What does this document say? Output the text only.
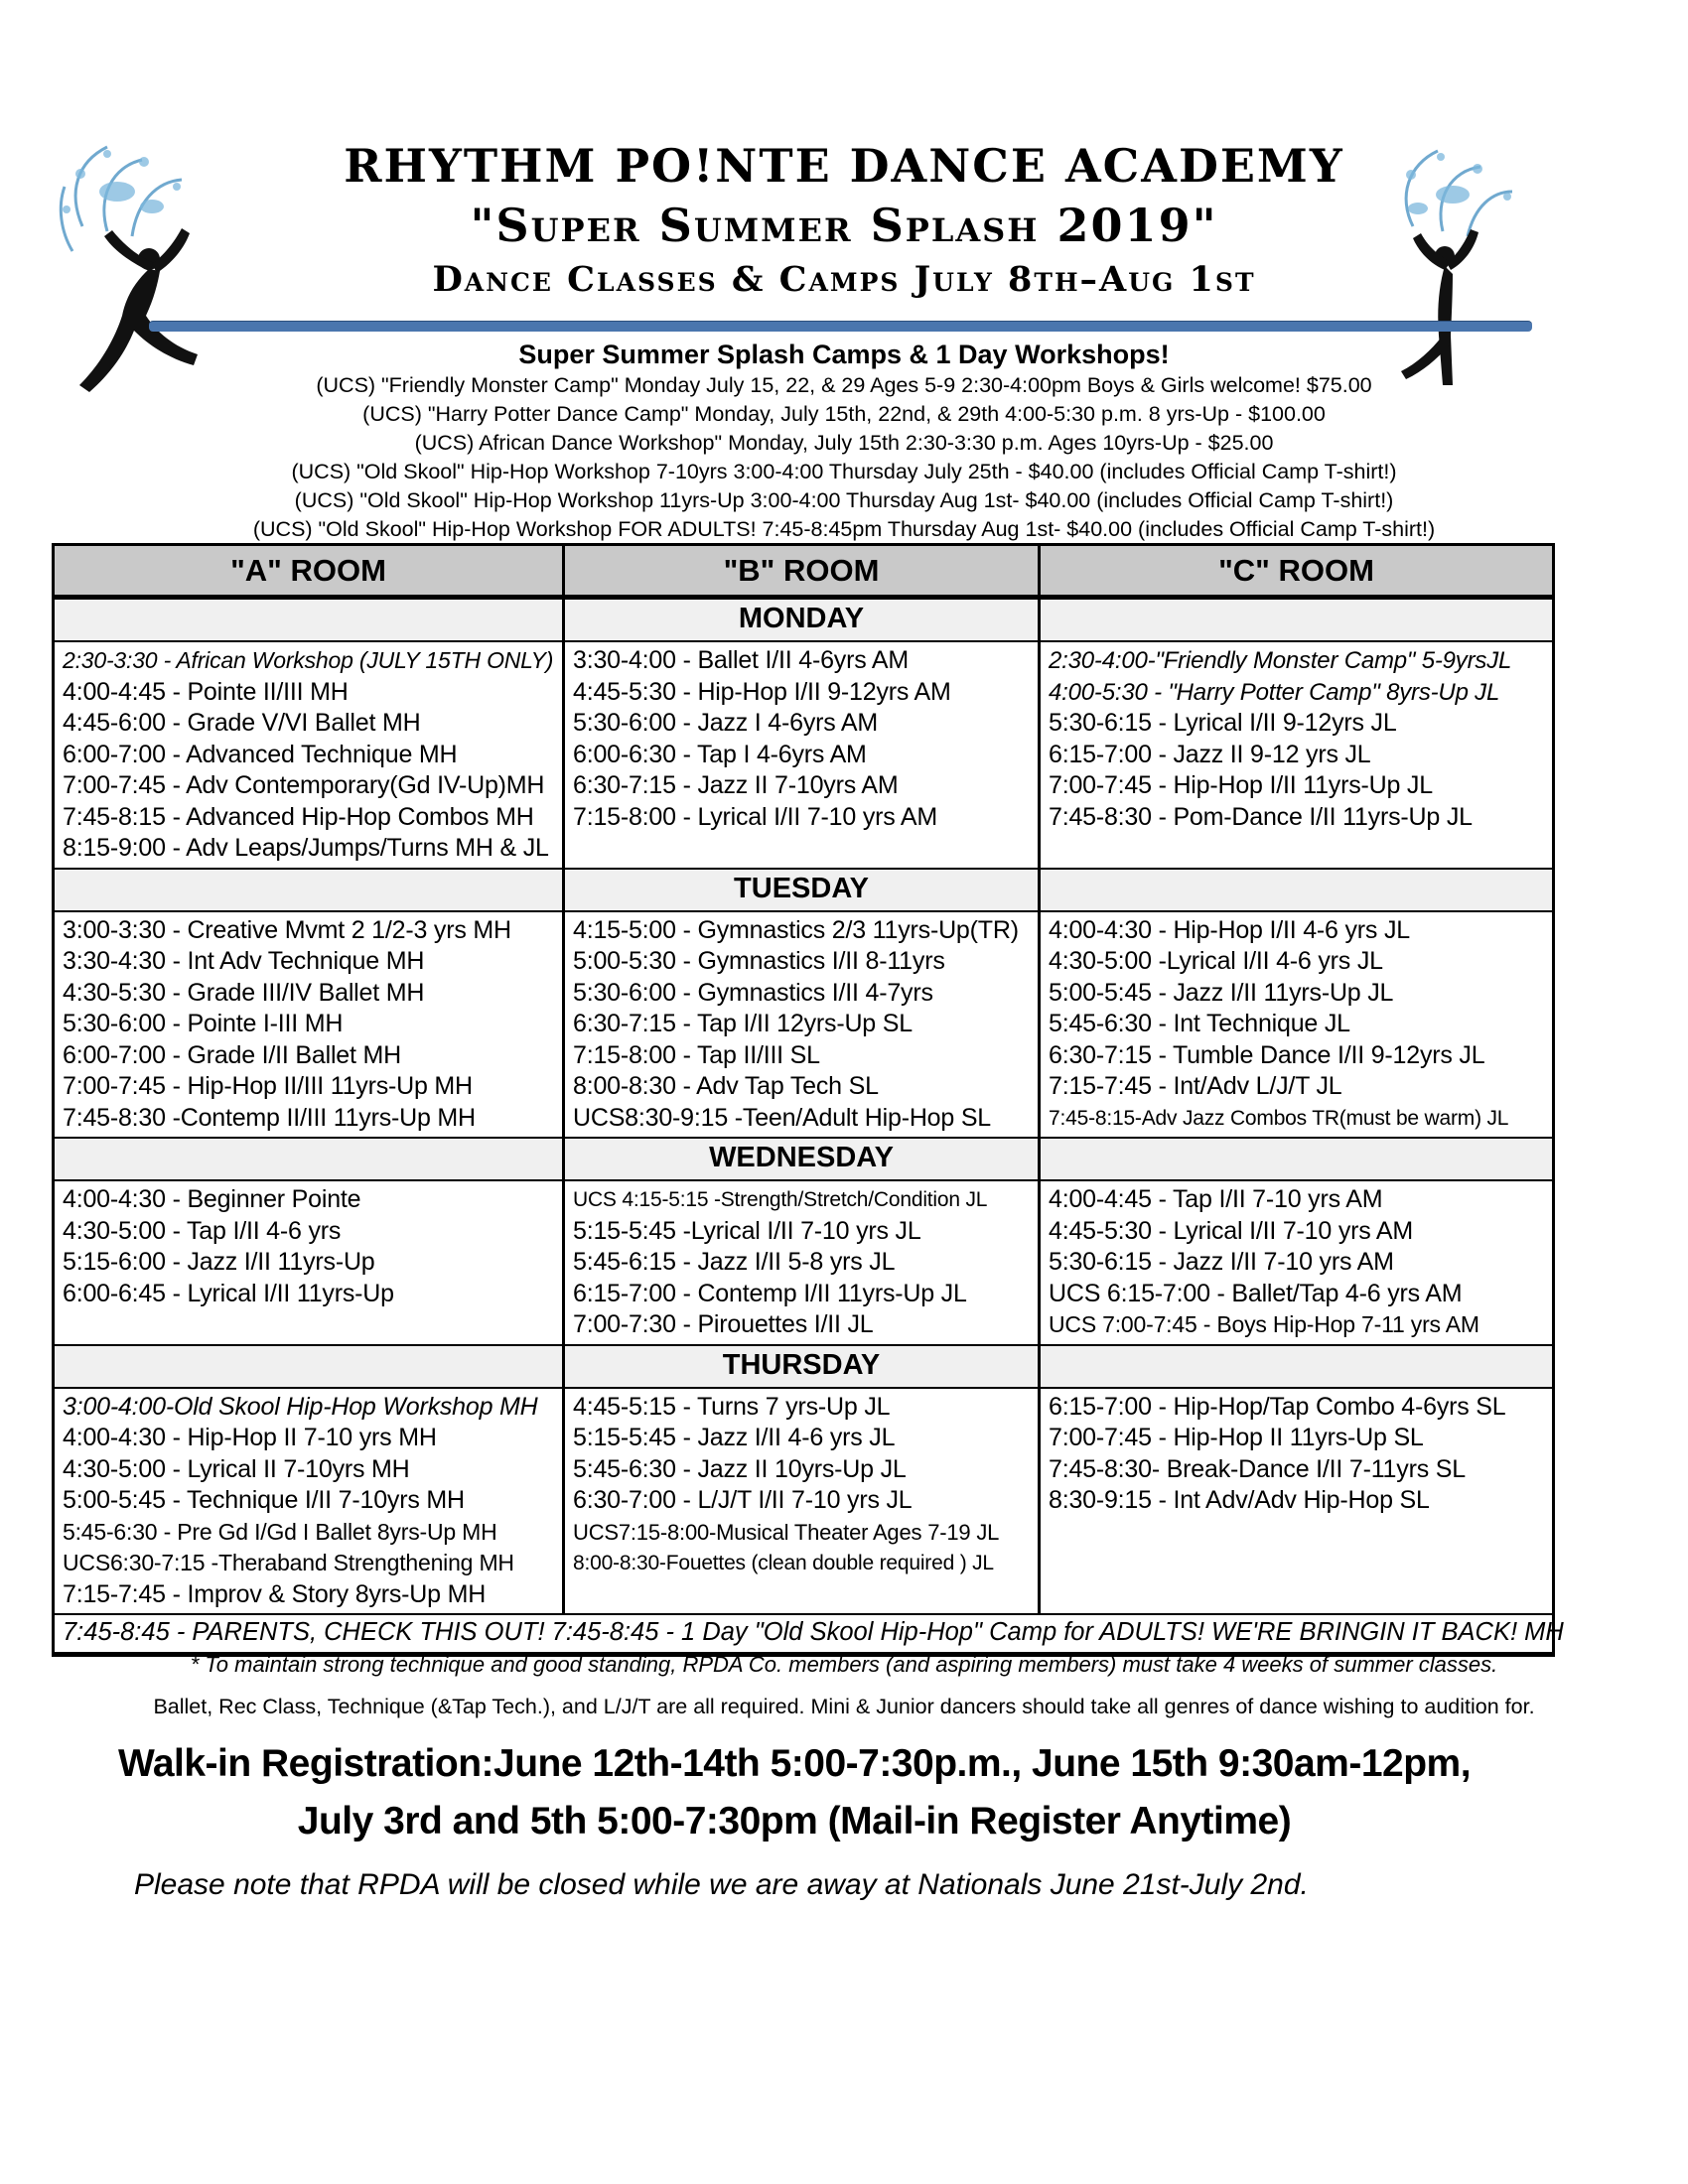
RHYTHM PO!NTE DANCE ACADEMY
"Super Summer Splash 2019"
Dance Classes & Camps July 8th–Aug 1st
Super Summer Splash Camps & 1 Day Workshops!
(UCS) "Friendly Monster Camp" Monday July 15, 22, & 29 Ages 5-9 2:30-4:00pm Boys & Girls welcome! $75.00
(UCS) "Harry Potter Dance Camp" Monday, July 15th, 22nd, & 29th 4:00-5:30 p.m. 8 yrs-Up - $100.00
(UCS) African Dance Workshop" Monday, July 15th 2:30-3:30 p.m. Ages 10yrs-Up - $25.00
(UCS) "Old Skool" Hip-Hop Workshop 7-10yrs 3:00-4:00 Thursday July 25th - $40.00 (includes Official Camp T-shirt!)
(UCS) "Old Skool" Hip-Hop Workshop 11yrs-Up 3:00-4:00 Thursday Aug 1st- $40.00 (includes Official Camp T-shirt!)
(UCS) "Old Skool" Hip-Hop Workshop FOR ADULTS! 7:45-8:45pm Thursday Aug 1st- $40.00 (includes Official Camp T-shirt!)
"A" ROOM	"B" ROOM	"C" ROOM
MONDAY
2:30-3:30 - African Workshop (JULY 15TH ONLY)
4:00-4:45 - Pointe II/III MH
4:45-6:00 - Grade V/VI Ballet MH
6:00-7:00 - Advanced Technique MH
7:00-7:45 - Adv Contemporary(Gd IV-Up)MH
7:45-8:15 - Advanced Hip-Hop Combos MH
8:15-9:00 - Adv Leaps/Jumps/Turns MH & JL
3:30-4:00 - Ballet I/II 4-6yrs AM
4:45-5:30 - Hip-Hop I/II 9-12yrs AM
5:30-6:00 - Jazz I 4-6yrs AM
6:00-6:30 - Tap I 4-6yrs AM
6:30-7:15 - Jazz II 7-10yrs AM
7:15-8:00 - Lyrical I/II 7-10 yrs AM
2:30-4:00-"Friendly Monster Camp" 5-9yrsJL
4:00-5:30 - "Harry Potter Camp" 8yrs-Up JL
5:30-6:15 - Lyrical I/II 9-12yrs JL
6:15-7:00 - Jazz II 9-12 yrs JL
7:00-7:45 - Hip-Hop I/II 11yrs-Up JL
7:45-8:30 - Pom-Dance I/II 11yrs-Up JL
TUESDAY
3:00-3:30 - Creative Mvmt 2 1/2-3 yrs MH
3:30-4:30 - Int Adv Technique MH
4:30-5:30 - Grade III/IV Ballet MH
5:30-6:00 - Pointe I-III MH
6:00-7:00 - Grade I/II Ballet MH
7:00-7:45 - Hip-Hop II/III 11yrs-Up MH
7:45-8:30 -Contemp II/III 11yrs-Up MH
4:15-5:00 - Gymnastics 2/3 11yrs-Up(TR)
5:00-5:30 - Gymnastics I/II 8-11yrs
5:30-6:00 - Gymnastics I/II 4-7yrs
6:30-7:15 - Tap I/II 12yrs-Up SL
7:15-8:00 - Tap II/III SL
8:00-8:30 - Adv Tap Tech SL
UCS8:30-9:15 -Teen/Adult Hip-Hop SL
4:00-4:30 - Hip-Hop I/II 4-6 yrs JL
4:30-5:00 -Lyrical I/II 4-6 yrs JL
5:00-5:45 - Jazz I/II 11yrs-Up JL
5:45-6:30 - Int Technique JL
6:30-7:15 - Tumble Dance I/II 9-12yrs JL
7:15-7:45 - Int/Adv L/J/T JL
7:45-8:15-Adv Jazz Combos TR(must be warm) JL
WEDNESDAY
4:00-4:30 - Beginner Pointe
4:30-5:00 - Tap I/II 4-6 yrs
5:15-6:00 - Jazz I/II 11yrs-Up
6:00-6:45 - Lyrical I/II 11yrs-Up
UCS 4:15-5:15 -Strength/Stretch/Condition JL
5:15-5:45 -Lyrical I/II 7-10 yrs JL
5:45-6:15 - Jazz I/II 5-8 yrs JL
6:15-7:00 - Contemp I/II 11yrs-Up JL
7:00-7:30 - Pirouettes I/II JL
4:00-4:45 - Tap I/II 7-10 yrs AM
4:45-5:30 - Lyrical I/II 7-10 yrs AM
5:30-6:15 - Jazz I/II 7-10 yrs AM
UCS 6:15-7:00 - Ballet/Tap 4-6 yrs AM
UCS 7:00-7:45 - Boys Hip-Hop 7-11 yrs AM
THURSDAY
3:00-4:00-Old Skool Hip-Hop Workshop MH
4:00-4:30 - Hip-Hop II 7-10 yrs MH
4:30-5:00 - Lyrical II 7-10yrs MH
5:00-5:45 - Technique I/II 7-10yrs MH
5:45-6:30 - Pre Gd I/Gd I Ballet 8yrs-Up MH
UCS6:30-7:15 -Theraband Strengthening MH
7:15-7:45 - Improv & Story 8yrs-Up MH
4:45-5:15 - Turns 7 yrs-Up JL
5:15-5:45 - Jazz I/II 4-6 yrs JL
5:45-6:30 - Jazz II 10yrs-Up JL
6:30-7:00 - L/J/T I/II 7-10 yrs JL
UCS7:15-8:00-Musical Theater Ages 7-19 JL
8:00-8:30-Fouettes (clean double required ) JL
6:15-7:00 - Hip-Hop/Tap Combo 4-6yrs SL
7:00-7:45 - Hip-Hop II 11yrs-Up SL
7:45-8:30- Break-Dance I/II 7-11yrs SL
8:30-9:15 - Int Adv/Adv Hip-Hop SL
7:45-8:45 - PARENTS, CHECK THIS OUT! 7:45-8:45 - 1 Day "Old Skool Hip-Hop" Camp for ADULTS! WE'RE BRINGIN IT BACK! MH
* To maintain strong technique and good standing, RPDA Co. members (and aspiring members) must take 4 weeks of summer classes.
Ballet, Rec Class, Technique (&Tap Tech.), and L/J/T are all required. Mini & Junior dancers should take all genres of dance wishing to audition for.
Walk-in Registration:June 12th-14th 5:00-7:30p.m., June 15th 9:30am-12pm,
July 3rd and 5th 5:00-7:30pm (Mail-in Register Anytime)
Please note that RPDA will be closed while we are away at Nationals June 21st-July 2nd.
